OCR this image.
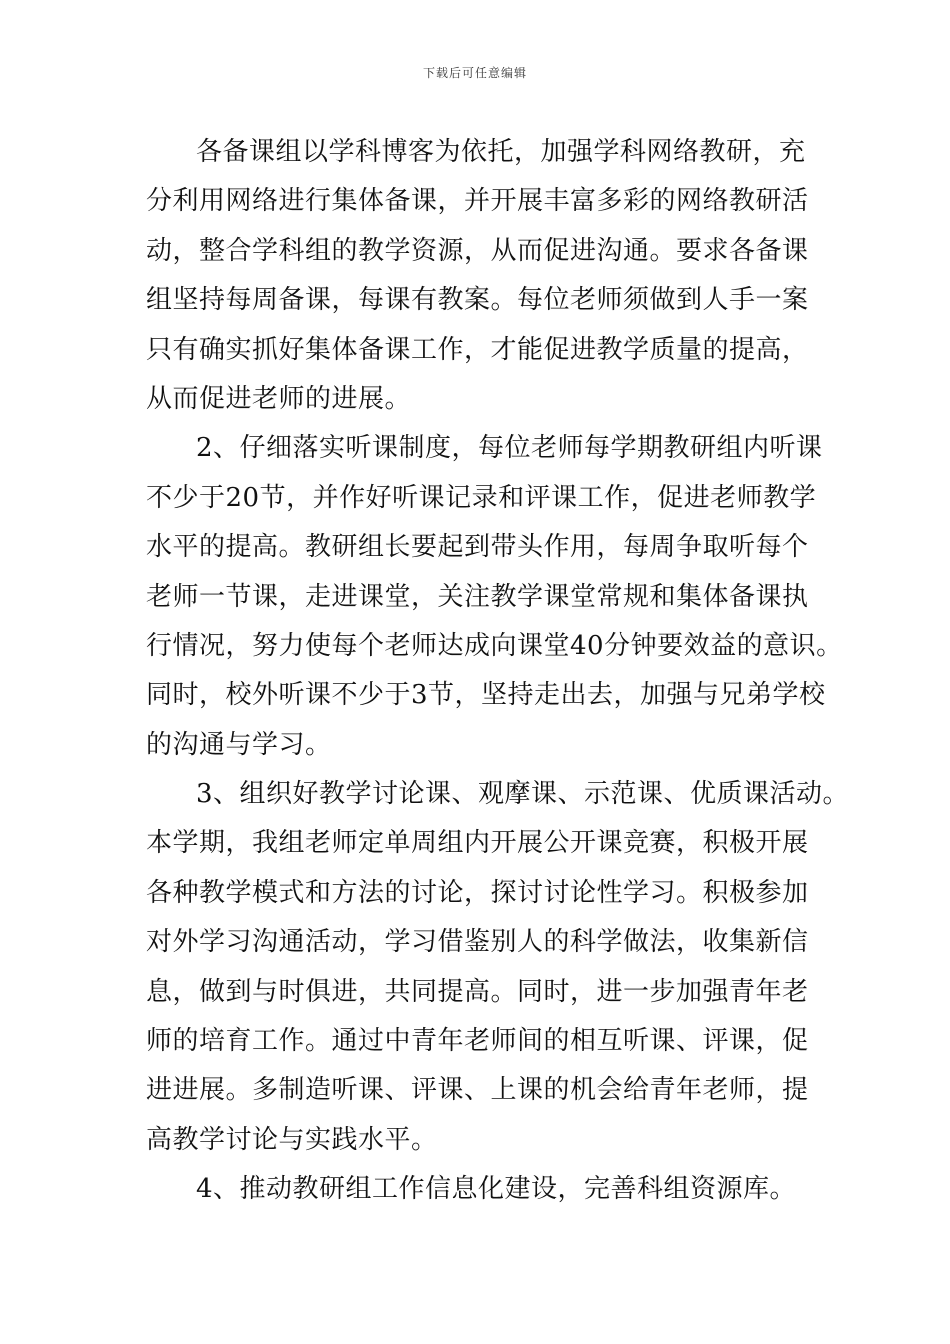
下载后可任意编辑
各备课组以学科博客为依托，加强学科网络教研，充
分利用网络进行集体备课，并开展丰富多彩的网络教研活
动，整合学科组的教学资源，从而促进沟通。要求各备课
组坚持每周备课，每课有教案。每位老师须做到人手一案
只有确实抓好集体备课工作，才能促进教学质量的提高，
从而促进老师的进展。
2、仔细落实听课制度，每位老师每学期教研组内听课
不少于20节，并作好听课记录和评课工作，促进老师教学
水平的提高。教研组长要起到带头作用，每周争取听每个
老师一节课，走进课堂，关注教学课堂常规和集体备课执
行情况，努力使每个老师达成向课堂40分钟要效益的意识。
同时，校外听课不少于3节，坚持走出去，加强与兄弟学校
的沟通与学习。
3、组织好教学讨论课、观摩课、示范课、优质课活动。
本学期，我组老师定单周组内开展公开课竞赛，积极开展
各种教学模式和方法的讨论，探讨讨论性学习。积极参加
对外学习沟通活动，学习借鉴别人的科学做法，收集新信
息，做到与时俱进，共同提高。同时，进一步加强青年老
师的培育工作。通过中青年老师间的相互听课、评课，促
进进展。多制造听课、评课、上课的机会给青年老师，提
高教学讨论与实践水平。
4、推动教研组工作信息化建设，完善科组资源库。
